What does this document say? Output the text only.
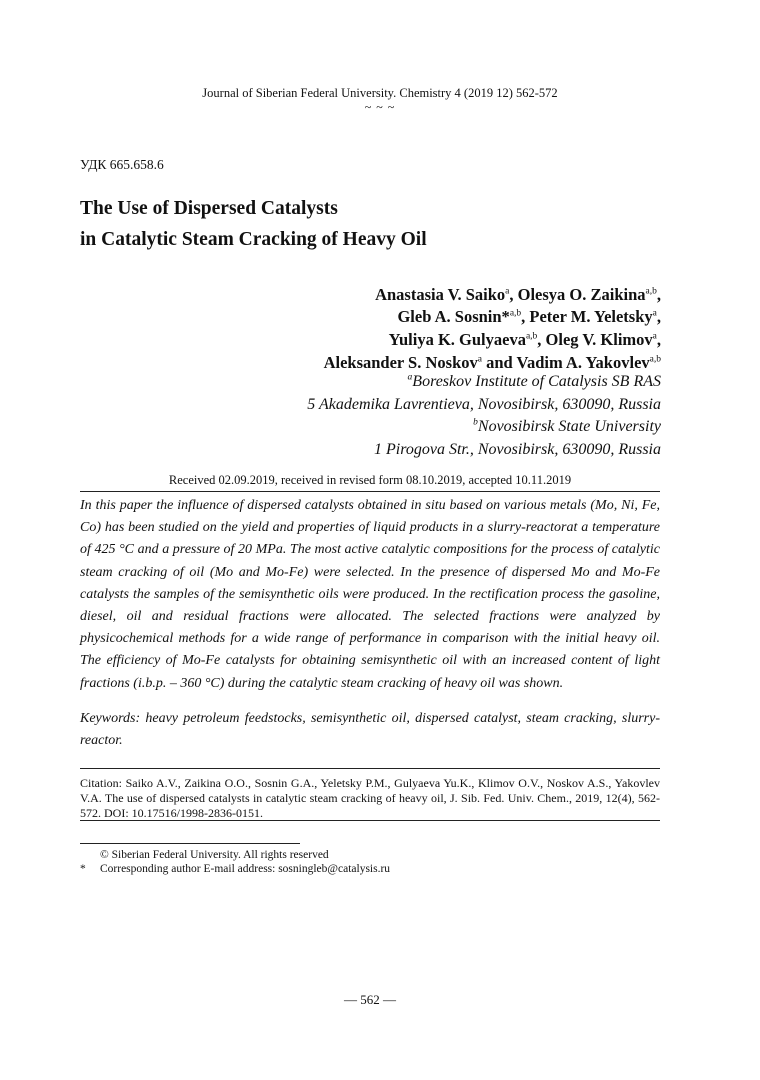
Journal of Siberian Federal University. Chemistry 4 (2019 12) 562-572
~ ~ ~
УДК 665.658.6
The Use of Dispersed Catalysts
in Catalytic Steam Cracking of Heavy Oil
Anastasia V. Saiko$^a$, Olesya O. Zaikina$^{a,b}$,
Gleb A. Sosnin*$^{a,b}$, Peter M. Yeletsky$^a$,
Yuliya K. Gulyaeva$^{a,b}$, Oleg V. Klimov$^a$,
Aleksander S. Noskov$^a$ and Vadim A. Yakovlev$^{a,b}$
$^a$Boreskov Institute of Catalysis SB RAS
5 Akademika Lavrentieva, Novosibirsk, 630090, Russia
$^b$Novosibirsk State University
1 Pirogova Str., Novosibirsk, 630090, Russia
Received 02.09.2019, received in revised form 08.10.2019, accepted 10.11.2019

In this paper the influence of dispersed catalysts obtained in situ based on various metals (Mo, Ni, Fe, Co) has been studied on the yield and properties of liquid products in a slurry-reactorat a temperature of 425 °C and a pressure of 20 MPa. The most active catalytic compositions for the process of catalytic steam cracking of oil (Mo and Mo-Fe) were selected. In the presence of dispersed Mo and Mo-Fe catalysts the samples of the semisynthetic oils were produced. In the rectification process the gasoline, diesel, oil and residual fractions were allocated. The selected fractions were analyzed by physicochemical methods for a wide range of performance in comparison with the initial heavy oil. The efficiency of Mo-Fe catalysts for obtaining semisynthetic oil with an increased content of light fractions (i.b.p. – 360 °C) during the catalytic steam cracking of heavy oil was shown.

Keywords: heavy petroleum feedstocks, semisynthetic oil, dispersed catalyst, steam cracking, slurry-reactor.

Citation: Saiko A.V., Zaikina O.O., Sosnin G.A., Yeletsky P.M., Gulyaeva Yu.K., Klimov O.V., Noskov A.S., Yakovlev V.A. The use of dispersed catalysts in catalytic steam cracking of heavy oil, J. Sib. Fed. Univ. Chem., 2019, 12(4), 562-572. DOI: 10.17516/1998-2836-0151.

© Siberian Federal University. All rights reserved
* Corresponding author E-mail address: sosningleb@catalysis.ru
— 562 —
